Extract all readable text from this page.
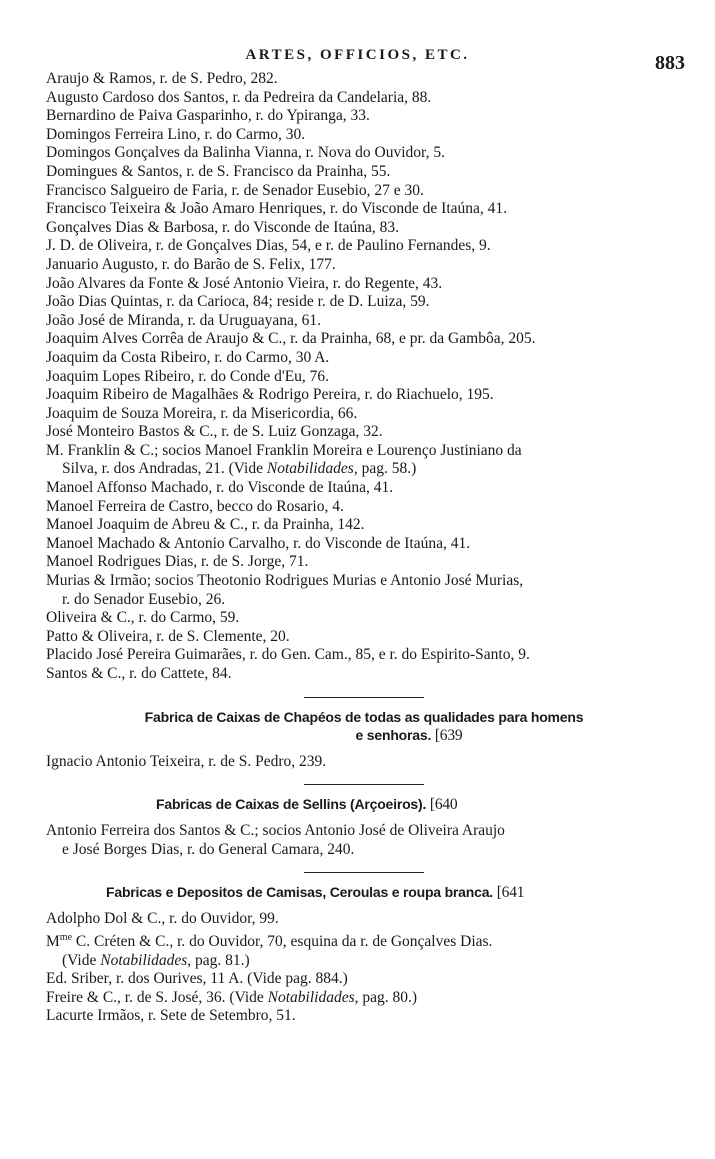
ARTES, OFFICIOS, ETC.	883
Araujo & Ramos, r. de S. Pedro, 282.
Augusto Cardoso dos Santos, r. da Pedreira da Candelaria, 88.
Bernardino de Paiva Gasparinho, r. do Ypiranga, 33.
Domingos Ferreira Lino, r. do Carmo, 30.
Domingos Gonçalves da Balinha Vianna, r. Nova do Ouvidor, 5.
Domingues & Santos, r. de S. Francisco da Prainha, 55.
Francisco Salgueiro de Faria, r. de Senador Eusebio, 27 e 30.
Francisco Teixeira & João Amaro Henriques, r. do Visconde de Itaúna, 41.
Gonçalves Dias & Barbosa, r. do Visconde de Itaúna, 83.
J. D. de Oliveira, r. de Gonçalves Dias, 54, e r. de Paulino Fernandes, 9.
Januario Augusto, r. do Barão de S. Felix, 177.
João Alvares da Fonte & José Antonio Vieira, r. do Regente, 43.
João Dias Quintas, r. da Carioca, 84; reside r. de D. Luiza, 59.
João José de Miranda, r. da Uruguayana, 61.
Joaquim Alves Corrêa de Araujo & C., r. da Prainha, 68, e pr. da Gambôa, 205.
Joaquim da Costa Ribeiro, r. do Carmo, 30 A.
Joaquim Lopes Ribeiro, r. do Conde d'Eu, 76.
Joaquim Ribeiro de Magalhães & Rodrigo Pereira, r. do Riachuelo, 195.
Joaquim de Souza Moreira, r. da Misericordia, 66.
José Monteiro Bastos & C., r. de S. Luiz Gonzaga, 32.
M. Franklin & C.; socios Manoel Franklin Moreira e Lourenço Justiniano da
Silva, r. dos Andradas, 21. (Vide Notabilidades, pag. 58.)
Manoel Affonso Machado, r. do Visconde de Itaúna, 41.
Manoel Ferreira de Castro, becco do Rosario, 4.
Manoel Joaquim de Abreu & C., r. da Prainha, 142.
Manoel Machado & Antonio Carvalho, r. do Visconde de Itaúna, 41.
Manoel Rodrigues Dias, r. de S. Jorge, 71.
Murias & Irmão; socios Theotonio Rodrigues Murias e Antonio José Murias,
r. do Senador Eusebio, 26.
Oliveira & C., r. do Carmo, 59.
Patto & Oliveira, r. de S. Clemente, 20.
Placido José Pereira Guimarães, r. do Gen. Cam., 85, e r. do Espirito-Santo, 9.
Santos & C., r. do Cattete, 84.
Fabrica de Caixas de Chapéos de todas as qualidades para homens
e senhoras. [639
Ignacio Antonio Teixeira, r. de S. Pedro, 239.
Fabricas de Caixas de Sellins (Arçoeiros). [640
Antonio Ferreira dos Santos & C.; socios Antonio José de Oliveira Araujo
e José Borges Dias, r. do General Camara, 240.
Fabricas e Depositos de Camisas, Ceroulas e roupa branca. [641
Adolpho Dol & C., r. do Ouvidor, 99.
$M^{me}$ C. Créten & C., r. do Ouvidor, 70, esquina da r. de Gonçalves Dias.
(Vide Notabilidades, pag. 81.)
Ed. Sriber, r. dos Ourives, 11 A. (Vide pag. 884.)
Freire & C., r. de S. José, 36. (Vide Notabilidades, pag. 80.)
Lacurte Irmãos, r. Sete de Setembro, 51.
